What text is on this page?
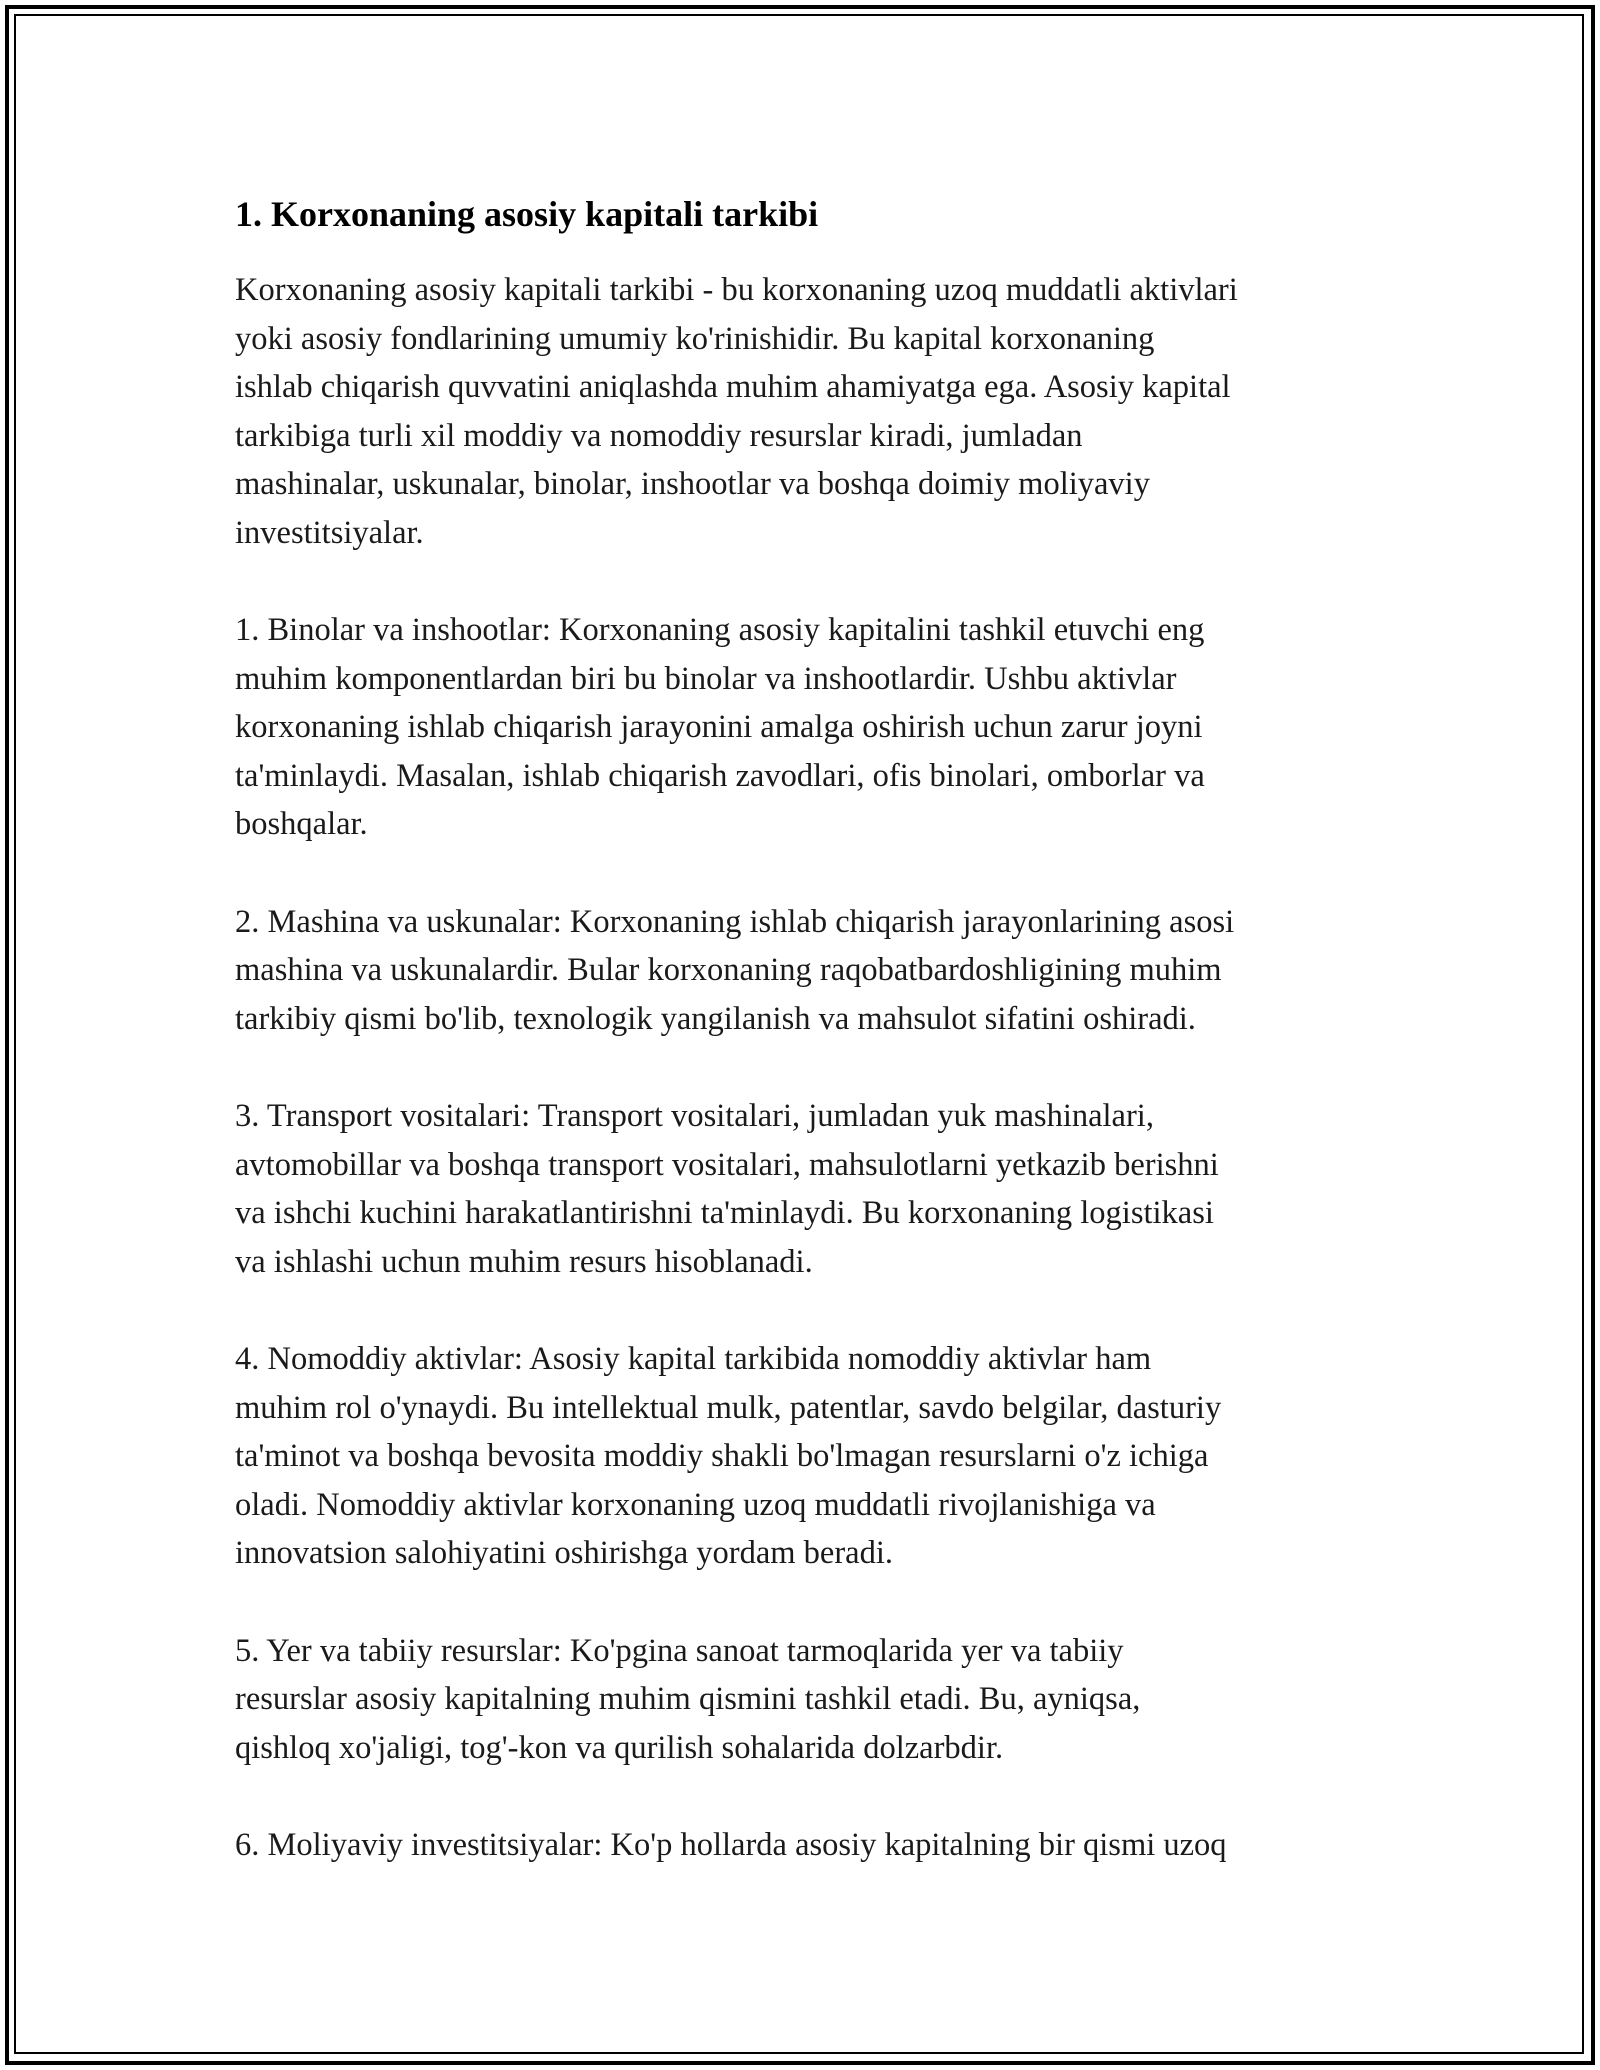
1. Korxonaning asosiy kapitali tarkibi

Korxonaning asosiy kapitali tarkibi - bu korxonaning uzoq muddatli aktivlari
yoki asosiy fondlarining umumiy ko'rinishidir. Bu kapital korxonaning
ishlab chiqarish quvvatini aniqlashda muhim ahamiyatga ega. Asosiy kapital
tarkibiga turli xil moddiy va nomoddiy resurslar kiradi, jumladan
mashinalar, uskunalar, binolar, inshootlar va boshqa doimiy moliyaviy
investitsiyalar.

1. Binolar va inshootlar: Korxonaning asosiy kapitalini tashkil etuvchi eng
muhim komponentlardan biri bu binolar va inshootlardir. Ushbu aktivlar
korxonaning ishlab chiqarish jarayonini amalga oshirish uchun zarur joyni
ta'minlaydi. Masalan, ishlab chiqarish zavodlari, ofis binolari, omborlar va
boshqalar.

2. Mashina va uskunalar: Korxonaning ishlab chiqarish jarayonlarining asosi
mashina va uskunalardir. Bular korxonaning raqobatbardoshligining muhim
tarkibiy qismi bo'lib, texnologik yangilanish va mahsulot sifatini oshiradi.

3. Transport vositalari: Transport vositalari, jumladan yuk mashinalari,
avtomobillar va boshqa transport vositalari, mahsulotlarni yetkazib berishni
va ishchi kuchini harakatlantirishni ta'minlaydi. Bu korxonaning logistikasi
va ishlashi uchun muhim resurs hisoblanadi.

4. Nomoddiy aktivlar: Asosiy kapital tarkibida nomoddiy aktivlar ham
muhim rol o'ynaydi. Bu intellektual mulk, patentlar, savdo belgilar, dasturiy
ta'minot va boshqa bevosita moddiy shakli bo'lmagan resurslarni o'z ichiga
oladi. Nomoddiy aktivlar korxonaning uzoq muddatli rivojlanishiga va
innovatsion salohiyatini oshirishga yordam beradi.

5. Yer va tabiiy resurslar: Ko'pgina sanoat tarmoqlarida yer va tabiiy
resurslar asosiy kapitalning muhim qismini tashkil etadi. Bu, ayniqsa,
qishloq xo'jaligi, tog'-kon va qurilish sohalarida dolzarbdir.

6. Moliyaviy investitsiyalar: Ko'p hollarda asosiy kapitalning bir qismi uzoq
